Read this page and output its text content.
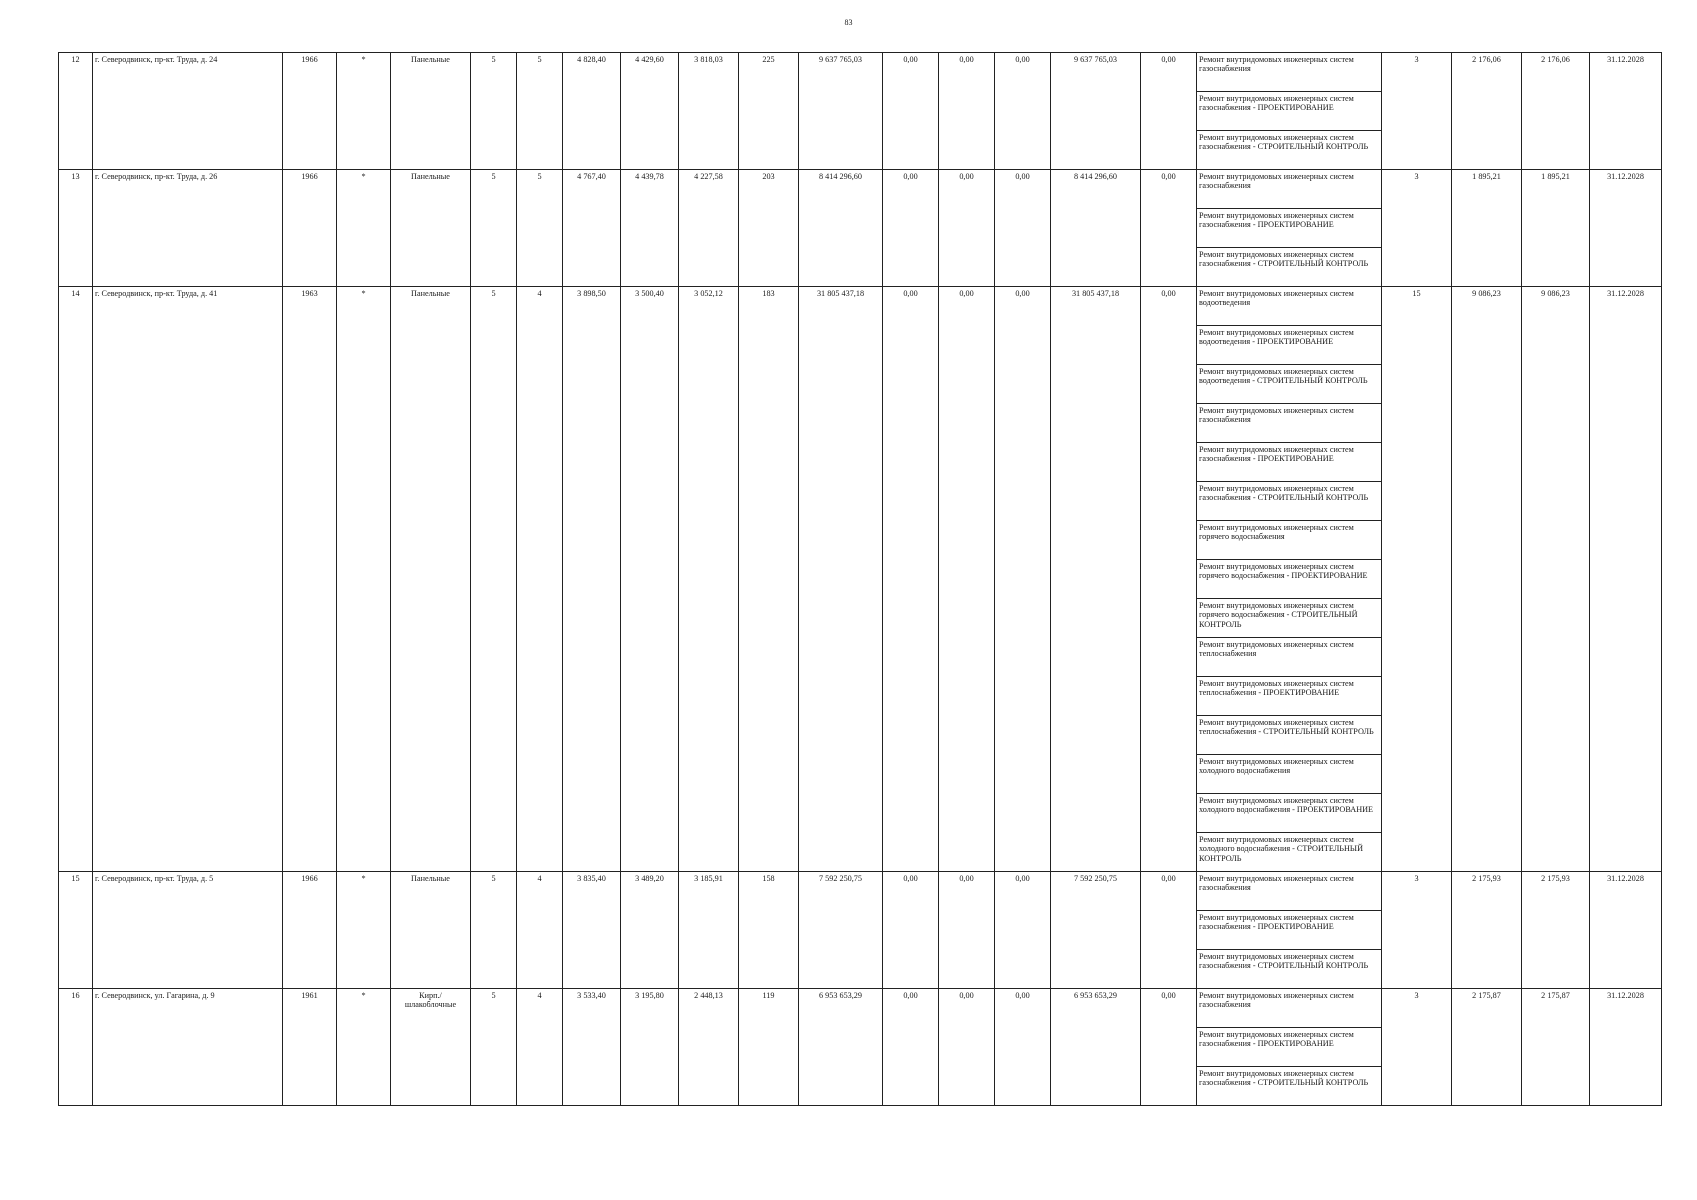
83
12	г. Северодвинск, пр-кт. Труда, д. 24	1966	*	Панельные	5	5	4 828,40	4 429,60	3 818,03	225	9 637 765,03	0,00	0,00	0,00	9 637 765,03	0,00	Ремонт внутридомовых инженерных систем газоснабжения	3	2 176,06	2 176,06	31.12.2028

																	Ремонт внутридомовых инженерных систем газоснабжения - ПРОЕКТИРОВАНИЕ				

																	Ремонт внутридомовых инженерных систем газоснабжения - СТРОИТЕЛЬНЫЙ КОНТРОЛЬ				

13	г. Северодвинск, пр-кт. Труда, д. 26	1966	*	Панельные	5	5	4 767,40	4 439,78	4 227,58	203	8 414 296,60	0,00	0,00	0,00	8 414 296,60	0,00	Ремонт внутридомовых инженерных систем газоснабжения	3	1 895,21	1 895,21	31.12.2028

																	Ремонт внутридомовых инженерных систем газоснабжения - ПРОЕКТИРОВАНИЕ				

																	Ремонт внутридомовых инженерных систем газоснабжения - СТРОИТЕЛЬНЫЙ КОНТРОЛЬ				

14	г. Северодвинск, пр-кт. Труда, д. 41	1963	*	Панельные	5	4	3 898,50	3 500,40	3 052,12	183	31 805 437,18	0,00	0,00	0,00	31 805 437,18	0,00	Ремонт внутридомовых инженерных систем водоотведения	15	9 086,23	9 086,23	31.12.2028

																	Ремонт внутридомовых инженерных систем водоотведения - ПРОЕКТИРОВАНИЕ				

																	Ремонт внутридомовых инженерных систем водоотведения - СТРОИТЕЛЬНЫЙ КОНТРОЛЬ				

																	Ремонт внутридомовых инженерных систем газоснабжения				

																	Ремонт внутридомовых инженерных систем газоснабжения - ПРОЕКТИРОВАНИЕ				

																	Ремонт внутридомовых инженерных систем газоснабжения - СТРОИТЕЛЬНЫЙ КОНТРОЛЬ				

																	Ремонт внутридомовых инженерных систем горячего водоснабжения				

																	Ремонт внутридомовых инженерных систем горячего водоснабжения - ПРОЕКТИРОВАНИЕ				

																	Ремонт внутридомовых инженерных систем горячего водоснабжения - СТРОИТЕЛЬНЫЙ КОНТРОЛЬ				

																	Ремонт внутридомовых инженерных систем теплоснабжения				

																	Ремонт внутридомовых инженерных систем теплоснабжения - ПРОЕКТИРОВАНИЕ				

																	Ремонт внутридомовых инженерных систем теплоснабжения - СТРОИТЕЛЬНЫЙ КОНТРОЛЬ				

																	Ремонт внутридомовых инженерных систем холодного водоснабжения				

																	Ремонт внутридомовых инженерных систем холодного водоснабжения - ПРОЕКТИРОВАНИЕ				

																	Ремонт внутридомовых инженерных систем холодного водоснабжения - СТРОИТЕЛЬНЫЙ КОНТРОЛЬ				

15	г. Северодвинск, пр-кт. Труда, д. 5	1966	*	Панельные	5	4	3 835,40	3 489,20	3 185,91	158	7 592 250,75	0,00	0,00	0,00	7 592 250,75	0,00	Ремонт внутридомовых инженерных систем газоснабжения	3	2 175,93	2 175,93	31.12.2028

																	Ремонт внутридомовых инженерных систем газоснабжения - ПРОЕКТИРОВАНИЕ				

																	Ремонт внутридомовых инженерных систем газоснабжения - СТРОИТЕЛЬНЫЙ КОНТРОЛЬ				

16	г. Северодвинск, ул. Гагарина, д. 9	1961	*	Кирп./ шлакоблочные	5	4	3 533,40	3 195,80	2 448,13	119	6 953 653,29	0,00	0,00	0,00	6 953 653,29	0,00	Ремонт внутридомовых инженерных систем газоснабжения	3	2 175,87	2 175,87	31.12.2028

																	Ремонт внутридомовых инженерных систем газоснабжения - ПРОЕКТИРОВАНИЕ				

																	Ремонт внутридомовых инженерных систем газоснабжения - СТРОИТЕЛЬНЫЙ КОНТРОЛЬ				
